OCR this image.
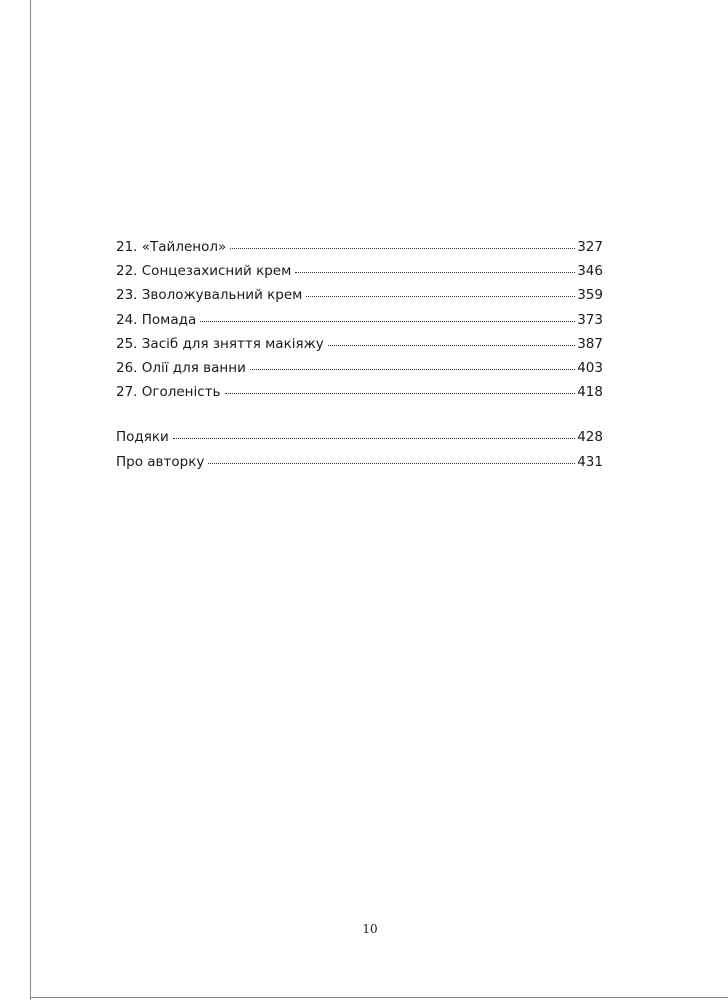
21. «Тайленол»	327
22. Сонцезахисний крем	346
23. Зволожувальний крем	359
24. Помада	373
25. Засіб для зняття макіяжу	387
26. Олії для ванни	403
27. Оголеність	418
Подяки	428
Про авторку	431
10
